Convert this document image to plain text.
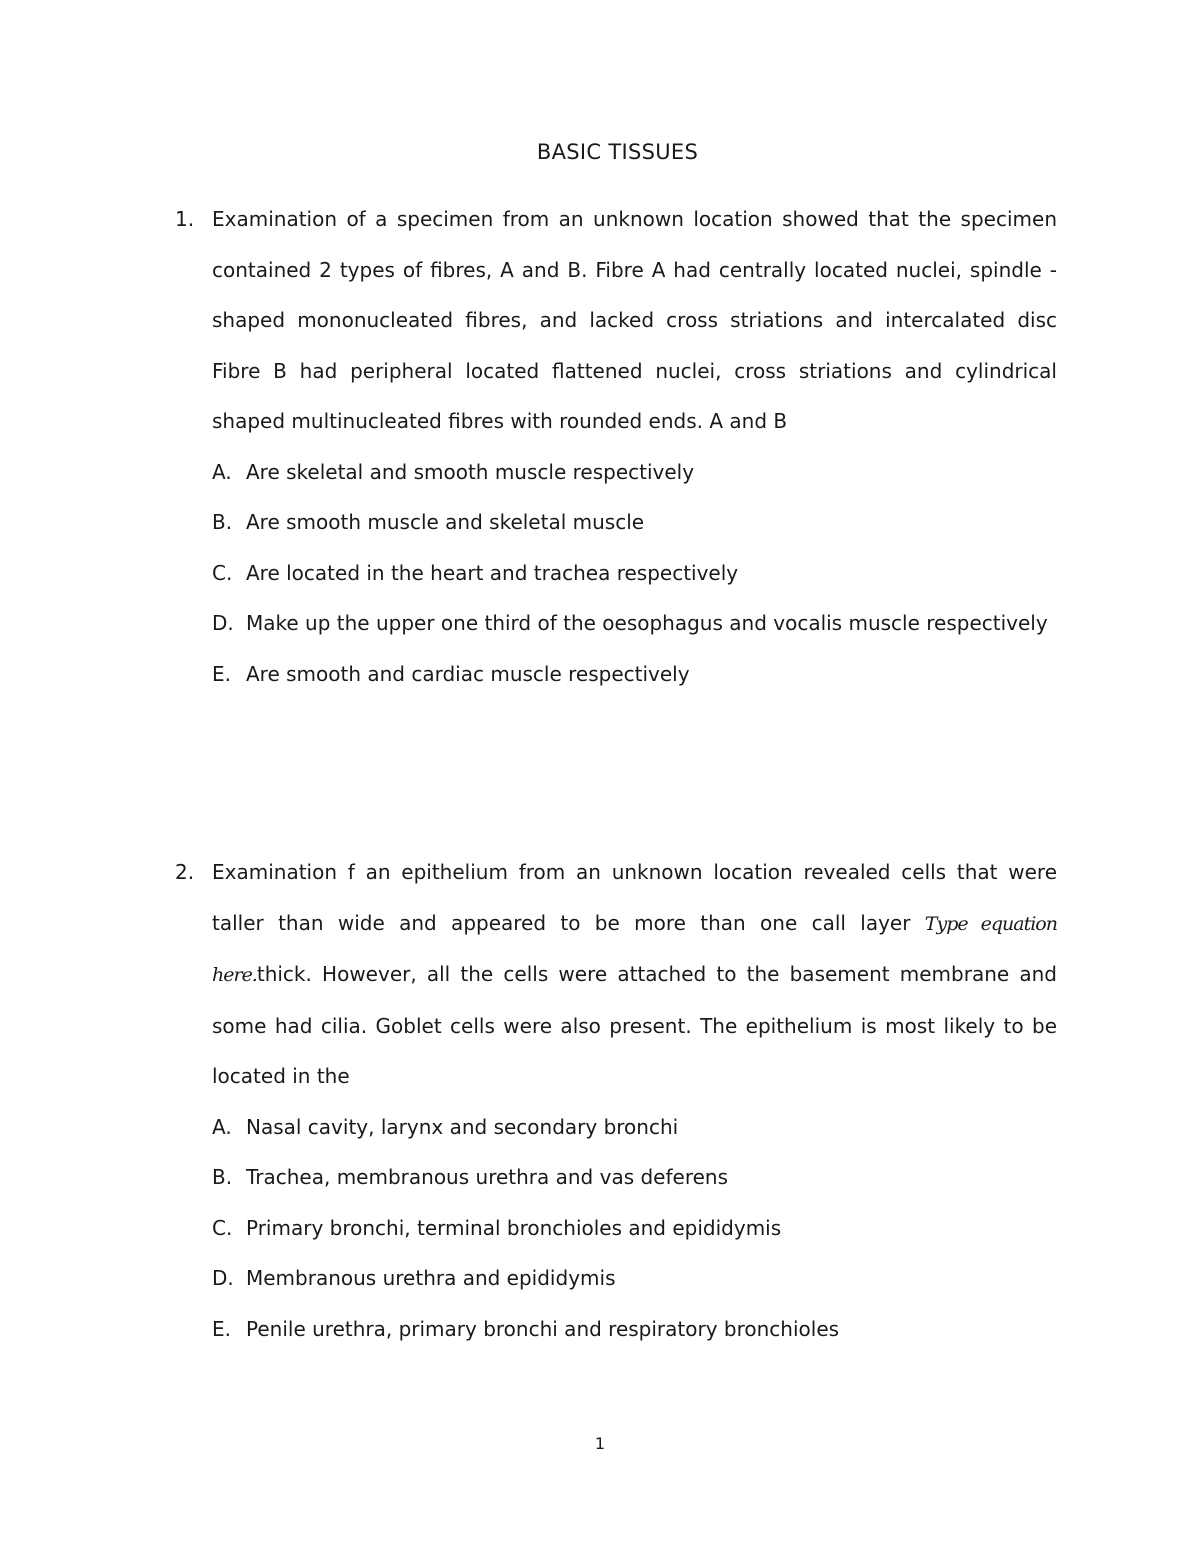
BASIC TISSUES
1. Examination of a specimen from an unknown location showed that the specimen contained 2 types of fibres, A and B. Fibre A had centrally located nuclei, spindle -shaped mononucleated fibres, and lacked cross striations and intercalated disc Fibre B had peripheral located flattened nuclei, cross striations and cylindrical shaped multinucleated fibres with rounded ends. A and B
A. Are skeletal and smooth muscle respectively
B. Are smooth muscle and skeletal muscle
C. Are located in the heart and trachea respectively
D. Make up the upper one third of the oesophagus and vocalis muscle respectively
E. Are smooth and cardiac muscle respectively
2. Examination f an epithelium from an unknown location revealed cells that were taller than wide and appeared to be more than one call layer Type equation here.thick. However, all the cells were attached to the basement membrane and some had cilia. Goblet cells were also present. The epithelium is most likely to be located in the
A. Nasal cavity, larynx and secondary bronchi
B. Trachea, membranous urethra and vas deferens
C. Primary bronchi, terminal bronchioles and epididymis
D. Membranous urethra and epididymis
E. Penile urethra, primary bronchi and respiratory bronchioles
1
